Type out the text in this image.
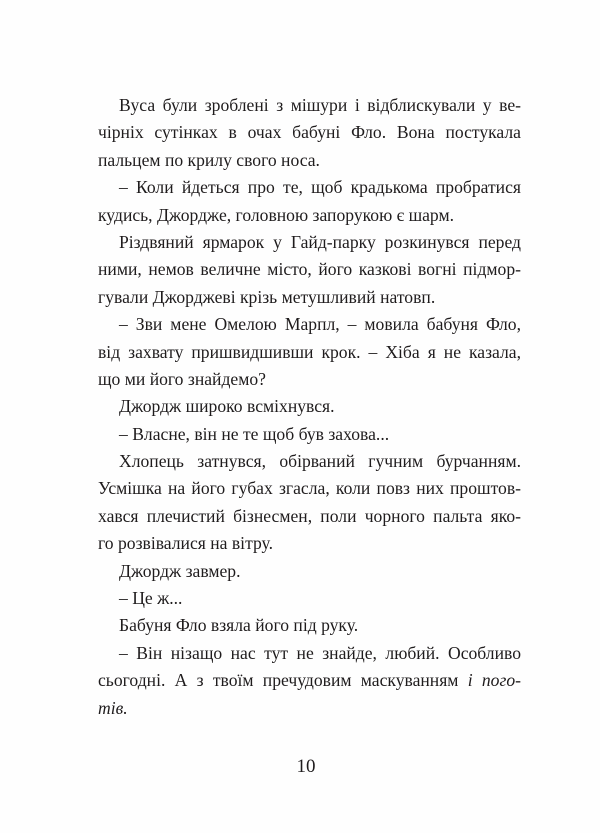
Вуса були зроблені з мішури і відблискували у ве-
чірніх сутінках в очах бабуні Фло. Вона постукала
пальцем по крилу свого носа.
– Коли йдеться про те, щоб крадькома пробратися
кудись, Джордже, головною запорукою є шарм.
Різдвяний ярмарок у Гайд-парку розкинувся перед
ними, немов величне місто, його казкові вогні підмор-
гували Джорджеві крізь метушливий натовп.
– Зви мене Омелою Марпл, – мовила бабуня Фло,
від захвату пришвидшивши крок. – Хіба я не казала,
що ми його знайдемо?
Джордж широко всміхнувся.
– Власне, він не те щоб був захова...
Хлопець затнувся, обірваний гучним бурчанням.
Усмішка на його губах згасла, коли повз них проштов-
хався плечистий бізнесмен, поли чорного пальта яко-
го розвівалися на вітру.
Джордж завмер.
– Це ж...
Бабуня Фло взяла його під руку.
– Він нізащо нас тут не знайде, любий. Особливо
сьогодні. А з твоїм пречудовим маскуванням і пого-
тів.
10
